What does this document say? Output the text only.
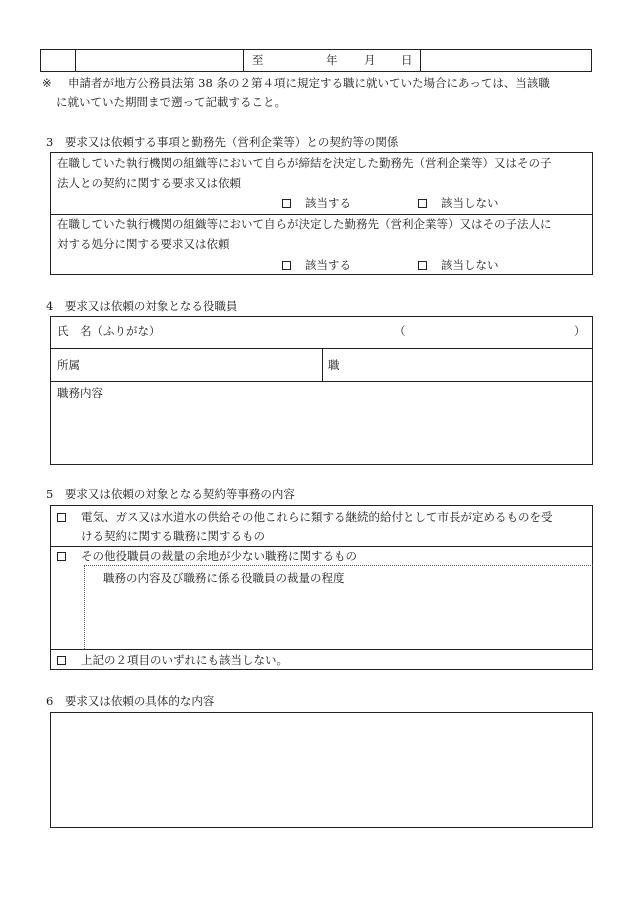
至	年 月 日
※ 申請者が地方公務員法第 38 条の２第４項に規定する職に就いていた場合にあっては、当該職
に就いていた期間まで遡って記載すること。
3　要求又は依頼する事項と勤務先（営利企業等）との契約等の関係
在職していた執行機関の組織等において自らが締結を決定した勤務先（営利企業等）又はその子
法人との契約に関する要求又は依頼
該当する	該当しない
在職していた執行機関の組織等において自らが決定した勤務先（営利企業等）又はその子法人に
対する処分に関する要求又は依頼
該当する	該当しない
4　要求又は依頼の対象となる役職員
氏　名（ふりがな）	（	）
所属	職
職務内容
5　要求又は依頼の対象となる契約等事務の内容
電気、ガス又は水道水の供給その他これらに類する継続的給付として市長が定めるものを受
ける契約に関する職務に関するもの
その他役職員の裁量の余地が少ない職務に関するもの
職務の内容及び職務に係る役職員の裁量の程度
上記の２項目のいずれにも該当しない。
6　要求又は依頼の具体的な内容
